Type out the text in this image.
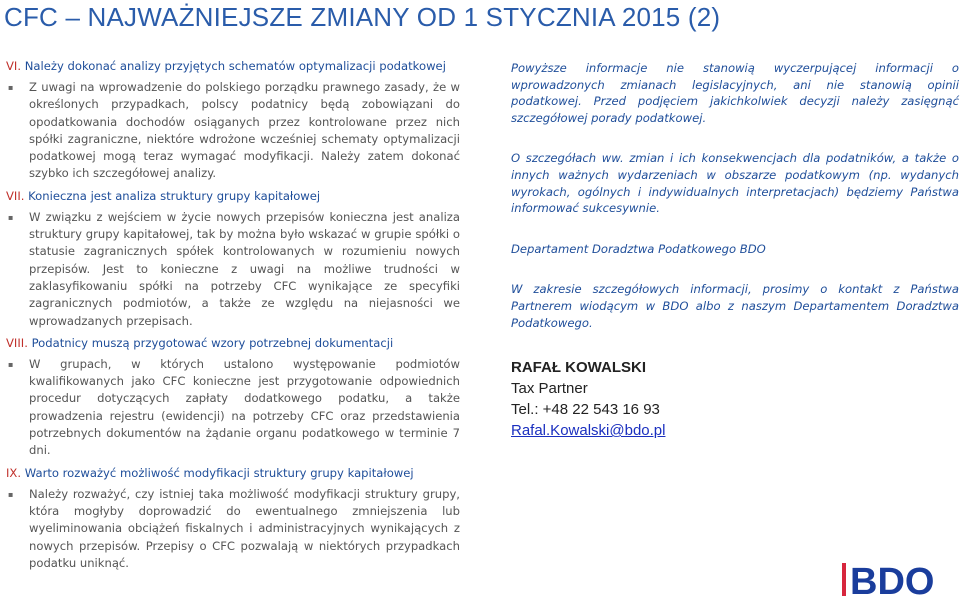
CFC – NAJWAŻNIEJSZE ZMIANY OD 1 STYCZNIA 2015 (2)

VI. Należy dokonać analizy przyjętych schematów optymalizacji podatkowej

▪ Z uwagi na wprowadzenie do polskiego porządku prawnego zasady, że w określonych przypadkach, polscy podatnicy będą zobowiązani do opodatkowania dochodów osiąganych przez kontrolowane przez nich spółki zagraniczne, niektóre wdrożone wcześniej schematy optymalizacji podatkowej mogą teraz wymagać modyfikacji. Należy zatem dokonać szybko ich szczegółowej analizy.

VII. Konieczna jest analiza struktury grupy kapitałowej

▪ W związku z wejściem w życie nowych przepisów konieczna jest analiza struktury grupy kapitałowej, tak by można było wskazać w grupie spółki o statusie zagranicznych spółek kontrolowanych w rozumieniu nowych przepisów. Jest to konieczne z uwagi na możliwe trudności w zaklasyfikowaniu spółki na potrzeby CFC wynikające ze specyfiki zagranicznych podmiotów, a także ze względu na niejasności we wprowadzanych przepisach.

VIII. Podatnicy muszą przygotować wzory potrzebnej dokumentacji

▪ W grupach, w których ustalono występowanie podmiotów kwalifikowanych jako CFC konieczne jest przygotowanie odpowiednich procedur dotyczących zapłaty dodatkowego podatku, a także prowadzenia rejestru (ewidencji) na potrzeby CFC oraz przedstawienia potrzebnych dokumentów na żądanie organu podatkowego w terminie 7 dni.

IX. Warto rozważyć możliwość modyfikacji struktury grupy kapitałowej

▪ Należy rozważyć, czy istniej taka możliwość modyfikacji struktury grupy, która mogłyby doprowadzić do ewentualnego zmniejszenia lub wyeliminowania obciążeń fiskalnych i administracyjnych wynikających z nowych przepisów. Przepisy o CFC pozwalają w niektórych przypadkach podatku uniknąć.

Powyższe informacje nie stanowią wyczerpującej informacji o wprowadzonych zmianach legislacyjnych, ani nie stanowią opinii podatkowej. Przed podjęciem jakichkolwiek decyzji należy zasięgnąć szczegółowej porady podatkowej.

O szczegółach ww. zmian i ich konsekwencjach dla podatników, a także o innych ważnych wydarzeniach w obszarze podatkowym (np. wydanych wyrokach, ogólnych i indywidualnych interpretacjach) będziemy Państwa informować sukcesywnie.

Departament Doradztwa Podatkowego BDO

W zakresie szczegółowych informacji, prosimy o kontakt z Państwa Partnerem wiodącym w BDO albo z naszym Departamentem Doradztwa Podatkowego.

RAFAŁ KOWALSKI
Tax Partner
Tel.: +48 22 543 16 93
Rafal.Kowalski@bdo.pl
BDO
